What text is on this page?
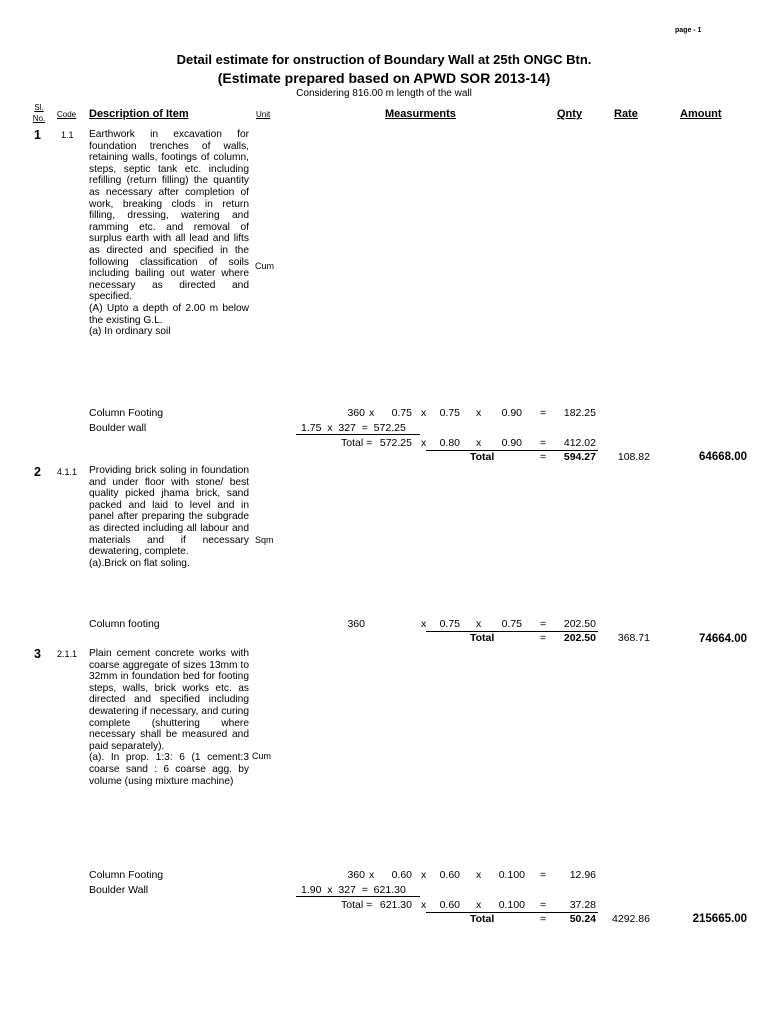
page - 1
Detail estimate for onstruction of Boundary Wall at 25th ONGC Btn.
(Estimate prepared based on APWD SOR 2013-14)
Considering 816.00 m length of the wall
Sl.
No.	Code Description of Item	Unit	Measurments	Qnty	Rate	Amount
1 1.1 Earthwork in excavation for foundation trenches of walls, retaining walls, footings of column, steps, septic tank etc. including refilling (return filling) the quantity as necessary after completion of work, breaking clods in return filling, dressing, watering and ramming etc. and removal of surplus earth with all lead and lifts as directed and specified in the following classification of soils including bailing out water where necessary as directed and specified.
(A) Upto a depth of 2.00 m below the existing G.L.
(a) In ordinary soil
Cum
Column Footing	360 x	0.75 x	0.75 x	0.90 =	182.25
Boulder wall	1.75  x  327  =  572.25
Total = 572.25 x	0.80 x	0.90 =	412.02
Total	=	594.27	108.82	64668.00
2 4.1.1 Providing brick soling in foundation and under floor with stone/ best quality picked jhama brick, sand packed and laid to level and in panel after preparing the subgrade as directed including all labour and materials and if necessary dewatering, complete.
(a).Brick on flat soling.
Sqm
Column footing	360	x	0.75 x	0.75 =	202.50
Total	=	202.50	368.71	74664.00
3 2.1.1 Plain cement concrete works with coarse aggregate of sizes 13mm to 32mm in foundation bed for footing steps, walls, brick works etc. as directed and specified including dewatering if necessary, and curing complete (shuttering where necessary shall be measured and paid separately).
(a). In prop. 1:3: 6 (1 cement:3 coarse sand : 6 coarse agg. by volume (using mixture machine)
Cum
Column Footing	360 x	0.60 x	0.60 x	0.100 =	12.96
Boulder Wall	1.90  x  327  =  621.30
Total = 621.30 x	0.60 x	0.100 =	37.28
Total	=	50.24	4292.86	215665.00
